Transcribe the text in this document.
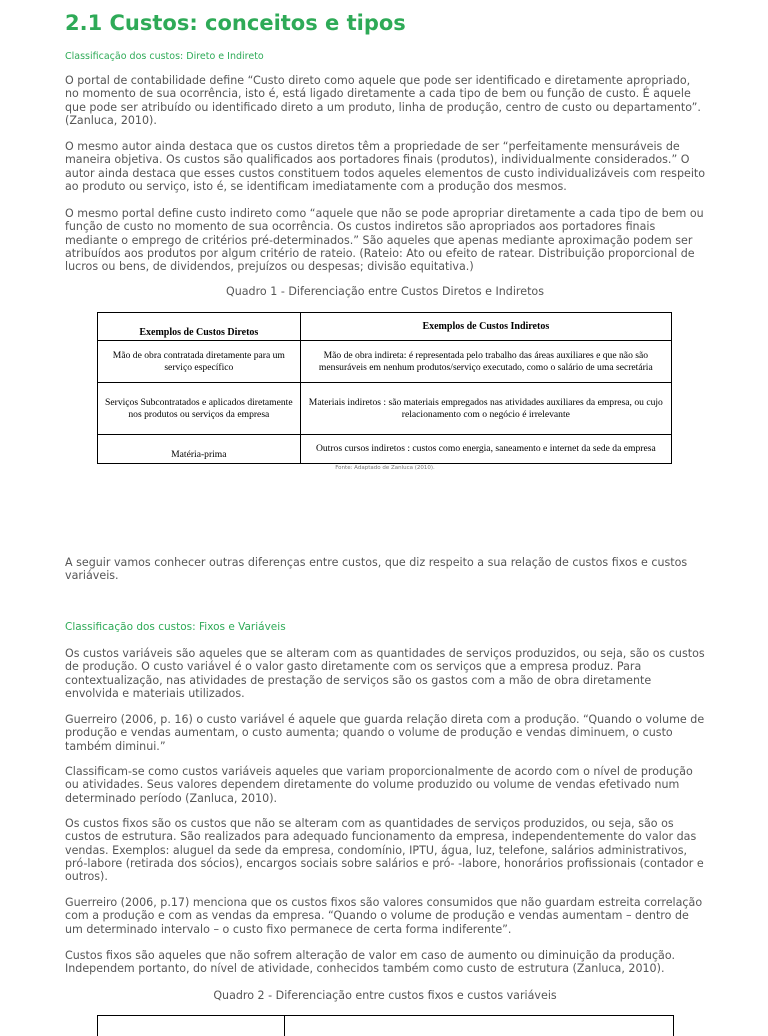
2.1 Custos: conceitos e tipos
Classificação dos custos: Direto e Indireto

O portal de contabilidade define “Custo direto como aquele que pode ser identificado e diretamente apropriado, no momento de sua ocorrência, isto é, está ligado diretamente a cada tipo de bem ou função de custo. É aquele que pode ser atribuído ou identificado direto a um produto, linha de produção, centro de custo ou departamento”. (Zanluca, 2010).

O mesmo autor ainda destaca que os custos diretos têm a propriedade de ser “perfeitamente mensuráveis de maneira objetiva. Os custos são qualificados aos portadores finais (produtos), individualmente considerados.” O autor ainda destaca que esses custos constituem todos aqueles elementos de custo individualizáveis com respeito ao produto ou serviço, isto é, se identificam imediatamente com a produção dos mesmos.

O mesmo portal define custo indireto como “aquele que não se pode apropriar diretamente a cada tipo de bem ou função de custo no momento de sua ocorrência. Os custos indiretos são apropriados aos portadores finais mediante o emprego de critérios pré-determinados.” São aqueles que apenas mediante aproximação podem ser atribuídos aos produtos por algum critério de rateio. (Rateio: Ato ou efeito de ratear. Distribuição proporcional de lucros ou bens, de dividendos, prejuízos ou despesas; divisão equitativa.)

Quadro 1 - Diferenciação entre Custos Diretos e Indiretos
Exemplos de Custos Diretos	Exemplos de Custos Indiretos
Mão de obra contratada diretamente para um serviço específico	Mão de obra indireta: é representada pelo trabalho das áreas auxiliares e que não são mensuráveis em nenhum produtos/serviço executado, como o salário de uma secretária
Serviços Subcontratados e aplicados diretamente nos produtos ou serviços da empresa	Materiais indiretos : são materiais empregados nas atividades auxiliares da empresa, ou cujo relacionamento com o negócio é irrelevante
Matéria-prima	Outros cursos indiretos : custos como energia, saneamento e internet da sede da empresa
Fonte: Adaptado de Zanluca (2010).

A seguir vamos conhecer outras diferenças entre custos, que diz respeito a sua relação de custos fixos e custos variáveis.

Classificação dos custos: Fixos e Variáveis

Os custos variáveis são aqueles que se alteram com as quantidades de serviços produzidos, ou seja, são os custos de produção. O custo variável é o valor gasto diretamente com os serviços que a empresa produz. Para contextualização, nas atividades de prestação de serviços são os gastos com a mão de obra diretamente envolvida e materiais utilizados.

Guerreiro (2006, p. 16) o custo variável é aquele que guarda relação direta com a produção. “Quando o volume de produção e vendas aumentam, o custo aumenta; quando o volume de produção e vendas diminuem, o custo também diminui.”

Classificam-se como custos variáveis aqueles que variam proporcionalmente de acordo com o nível de produção ou atividades. Seus valores dependem diretamente do volume produzido ou volume de vendas efetivado num determinado período (Zanluca, 2010).

Os custos fixos são os custos que não se alteram com as quantidades de serviços produzidos, ou seja, são os custos de estrutura. São realizados para adequado funcionamento da empresa, independentemente do valor das vendas. Exemplos: aluguel da sede da empresa, condomínio, IPTU, água, luz, telefone, salários administrativos, pró-labore (retirada dos sócios), encargos sociais sobre salários e pró- -labore, honorários profissionais (contador e outros).

Guerreiro (2006, p.17) menciona que os custos fixos são valores consumidos que não guardam estreita correlação com a produção e com as vendas da empresa. “Quando o volume de produção e vendas aumentam – dentro de um determinado intervalo – o custo fixo permanece de certa forma indiferente”.

Custos fixos são aqueles que não sofrem alteração de valor em caso de aumento ou diminuição da produção. Independem portanto, do nível de atividade, conhecidos também como custo de estrutura (Zanluca, 2010).

Quadro 2 - Diferenciação entre custos fixos e custos variáveis
